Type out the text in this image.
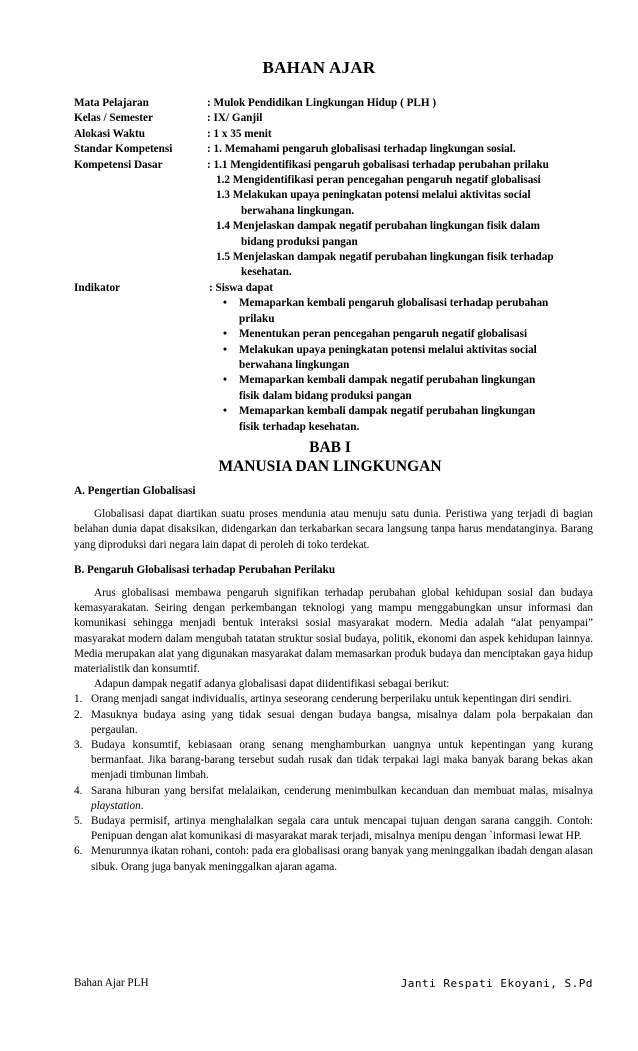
BAHAN AJAR
Mata Pelajaran	: Mulok Pendidikan Lingkungan Hidup ( PLH )
Kelas / Semester	: IX/ Ganjil
Alokasi Waktu	: 1 x 35 menit
Standar Kompetensi	: 1. Memahami pengaruh globalisasi terhadap lingkungan sosial.
Kompetensi Dasar	: 1.1 Mengidentifikasi pengaruh gobalisasi terhadap perubahan prilaku
1.2 Mengidentifikasi peran pencegahan pengaruh negatif globalisasi
1.3 Melakukan upaya peningkatan potensi melalui aktivitas social
berwahana lingkungan.
1.4 Menjelaskan dampak negatif perubahan lingkungan fisik dalam
bidang produksi pangan
1.5 Menjelaskan dampak negatif perubahan lingkungan fisik terhadap
kesehatan.
Indikator	: Siswa dapat
• Memaparkan kembali pengaruh globalisasi terhadap perubahan
prilaku
• Menentukan peran pencegahan pengaruh negatif globalisasi
• Melakukan upaya peningkatan potensi melalui aktivitas social
berwahana lingkungan
• Memaparkan kembali dampak negatif perubahan lingkungan
fisik dalam bidang produksi pangan
• Memaparkan kembali dampak negatif perubahan lingkungan
fisik terhadap kesehatan.
BAB I
MANUSIA DAN LINGKUNGAN
A. Pengertian Globalisasi

Globalisasi dapat diartikan suatu proses mendunia atau menuju satu dunia. Peristiwa yang terjadi di bagian belahan dunia dapat disaksikan, didengarkan dan terkabarkan secara langsung tanpa harus mendatanginya. Barang yang diproduksi dari negara lain dapat di peroleh di toko terdekat.

B. Pengaruh Globalisasi terhadap Perubahan Perilaku

Arus globalisasi membawa pengaruh signifikan terhadap perubahan global kehidupan sosial dan budaya kemasyarakatan. Seiring dengan perkembangan teknologi yang mampu menggabungkan unsur informasi dan komunikasi sehingga menjadi bentuk interaksi sosial masyarakat modern. Media adalah “alat penyampai” masyarakat modern dalam mengubah tatatan struktur sosial budaya, politik, ekonomi dan aspek kehidupan lainnya. Media merupakan alat yang digunakan masyarakat dalam memasarkan produk budaya dan menciptakan gaya hidup materialistik dan konsumtif.

Adapun dampak negatif adanya globalisasi dapat diidentifikasi sebagai berikut:

1. Orang menjadi sangat individualis, artinya seseorang cenderung berperilaku untuk kepentingan diri sendiri.
2. Masuknya budaya asing yang tidak sesuai dengan budaya bangsa, misalnya dalam pola berpakaian dan pergaulan.
3. Budaya konsumtif, kebiasaan orang senang menghamburkan uangnya untuk kepentingan yang kurang bermanfaat. Jika barang-barang tersebut sudah rusak dan tidak terpakai lagi maka banyak barang bekas akan menjadi timbunan limbah.
4. Sarana hiburan yang bersifat melalaikan, cenderung menimbulkan kecanduan dan membuat malas, misalnya playstation.
5. Budaya permisif, artinya menghalalkan segala cara untuk mencapai tujuan dengan sarana canggih. Contoh: Penipuan dengan alat komunikasi di masyarakat marak terjadi, misalnya menipu dengan `informasi lewat HP.
6. Menurunnya ikatan rohani, contoh: pada era globalisasi orang banyak yang meninggalkan ibadah dengan alasan sibuk. Orang juga banyak meninggalkan ajaran agama.
Bahan Ajar PLH	Janti Respati Ekoyani, S.Pd
